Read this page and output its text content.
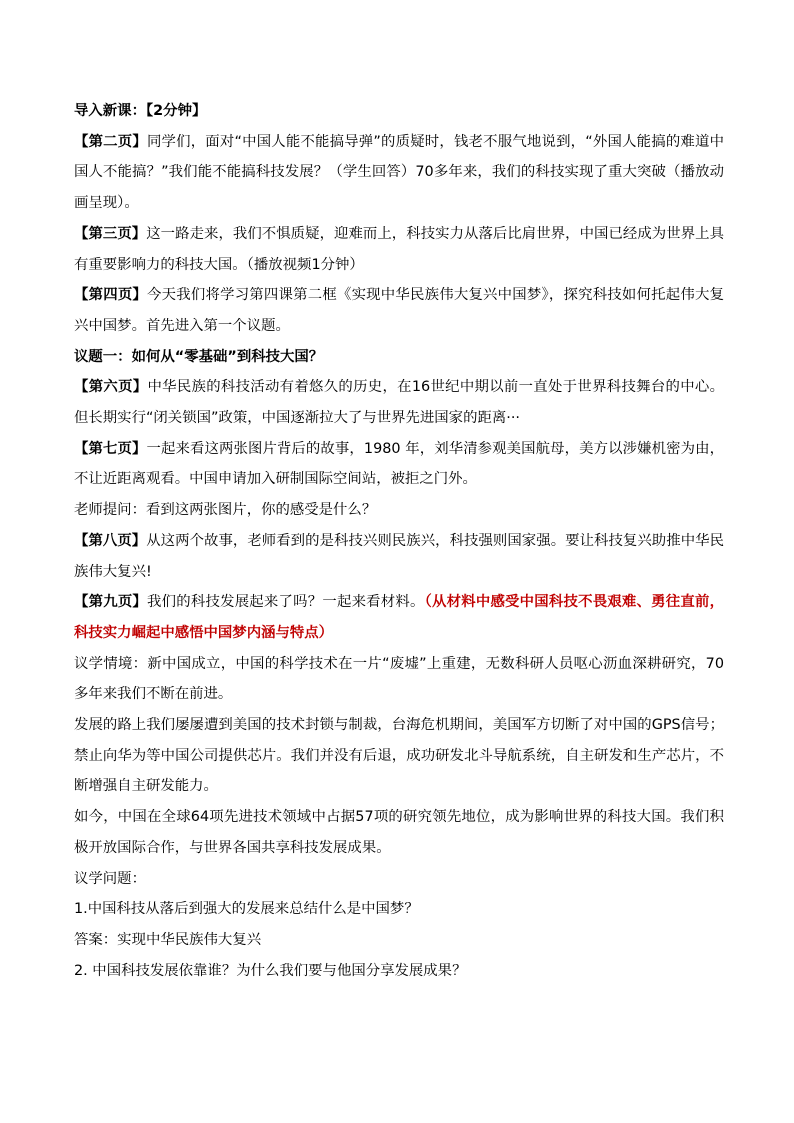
导入新课：【2分钟】

【第二页】同学们，面对“中国人能不能搞导弹”的质疑时，钱老不服气地说到，“外国人能搞的难道中国人不能搞？”我们能不能搞科技发展？（学生回答）70多年来，我们的科技实现了重大突破（播放动画呈现）。

【第三页】这一路走来，我们不惧质疑，迎难而上，科技实力从落后比肩世界，中国已经成为世界上具有重要影响力的科技大国。（播放视频1分钟）

【第四页】今天我们将学习第四课第二框《实现中华民族伟大复兴中国梦》，探究科技如何托起伟大复兴中国梦。首先进入第一个议题。

议题一：如何从“零基础”到科技大国？

【第六页】中华民族的科技活动有着悠久的历史，在16世纪中期以前一直处于世界科技舞台的中心。但长期实行“闭关锁国”政策，中国逐渐拉大了与世界先进国家的距离···

【第七页】一起来看这两张图片背后的故事，1980 年，刘华清参观美国航母，美方以涉嫌机密为由，不让近距离观看。中国申请加入研制国际空间站，被拒之门外。

老师提问：看到这两张图片，你的感受是什么？

【第八页】从这两个故事，老师看到的是科技兴则民族兴，科技强则国家强。要让科技复兴助推中华民族伟大复兴!

【第九页】我们的科技发展起来了吗？一起来看材料。（从材料中感受中国科技不畏艰难、勇往直前，科技实力崛起中感悟中国梦内涵与特点）

议学情境：新中国成立，中国的科学技术在一片“废墟”上重建，无数科研人员呕心沥血深耕研究，70多年来我们不断在前进。

发展的路上我们屡屡遭到美国的技术封锁与制裁，台海危机期间，美国军方切断了对中国的GPS信号；禁止向华为等中国公司提供芯片。我们并没有后退，成功研发北斗导航系统，自主研发和生产芯片，不断增强自主研发能力。

如今，中国在全球64项先进技术领域中占据57项的研究领先地位，成为影响世界的科技大国。我们积极开放国际合作，与世界各国共享科技发展成果。

议学问题：

1.中国科技从落后到强大的发展来总结什么是中国梦？

答案：实现中华民族伟大复兴

2. 中国科技发展依靠谁？为什么我们要与他国分享发展成果？
